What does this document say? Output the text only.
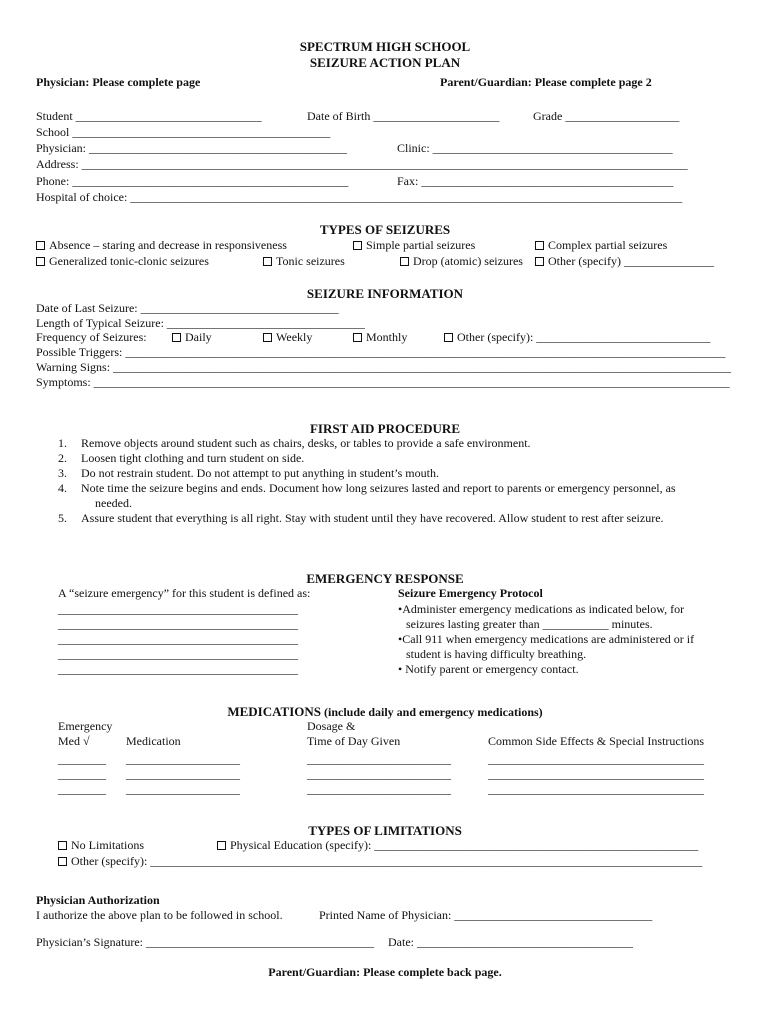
SPECTRUM HIGH SCHOOL
SEIZURE ACTION PLAN
Physician: Please complete page	Parent/Guardian: Please complete page 2
Student _______________________________	Date of Birth _____________________	Grade ___________________
School ___________________________________________
Physician: ___________________________________________	Clinic: ________________________________________
Address: _____________________________________________________________________________________________________
Phone: ______________________________________________	Fax: __________________________________________
Hospital of choice: ____________________________________________________________________________________________
TYPES OF SEIZURES
Absence – staring and decrease in responsiveness	Simple partial seizures	Complex partial seizures
Generalized tonic-clonic seizures	Tonic seizures	Drop (atomic) seizures	Other (specify) _______________
SEIZURE INFORMATION
Date of Last Seizure: _________________________________
Length of Typical Seizure: _________________________________
Frequency of Seizures:	Daily	Weekly	Monthly	Other (specify): _____________________________
Possible Triggers: ____________________________________________________________________________________________________
Warning Signs: _______________________________________________________________________________________________________
Symptoms: __________________________________________________________________________________________________________
FIRST AID PROCEDURE
1. Remove objects around student such as chairs, desks, or tables to provide a safe environment.
2. Loosen tight clothing and turn student on side.
3. Do not restrain student. Do not attempt to put anything in student’s mouth.
4. Note time the seizure begins and ends. Document how long seizures lasted and report to parents or emergency personnel, as
needed.
5. Assure student that everything is all right. Stay with student until they have recovered. Allow student to rest after seizure.
EMERGENCY RESPONSE
A “seizure emergency” for this student is defined as:
________________________________________
________________________________________
________________________________________
________________________________________
________________________________________
Seizure Emergency Protocol
•Administer emergency medications as indicated below, for
seizures lasting greater than ___________ minutes.
•Call 911 when emergency medications are administered or if
student is having difficulty breathing.
• Notify parent or emergency contact.
MEDICATIONS (include daily and emergency medications)
Emergency
Med √	Medication
Dosage &
Time of Day Given	Common Side Effects & Special Instructions
________ ___________________	________________________	____________________________________
________ ___________________	________________________	____________________________________
________ ___________________	________________________	____________________________________
TYPES OF LIMITATIONS
No Limitations	Physical Education (specify): ______________________________________________________
Other (specify): ____________________________________________________________________________________________
Physician Authorization
I authorize the above plan to be followed in school.	Printed Name of Physician: _________________________________
Physician’s Signature: ______________________________________ Date: ____________________________________
Parent/Guardian: Please complete back page.
